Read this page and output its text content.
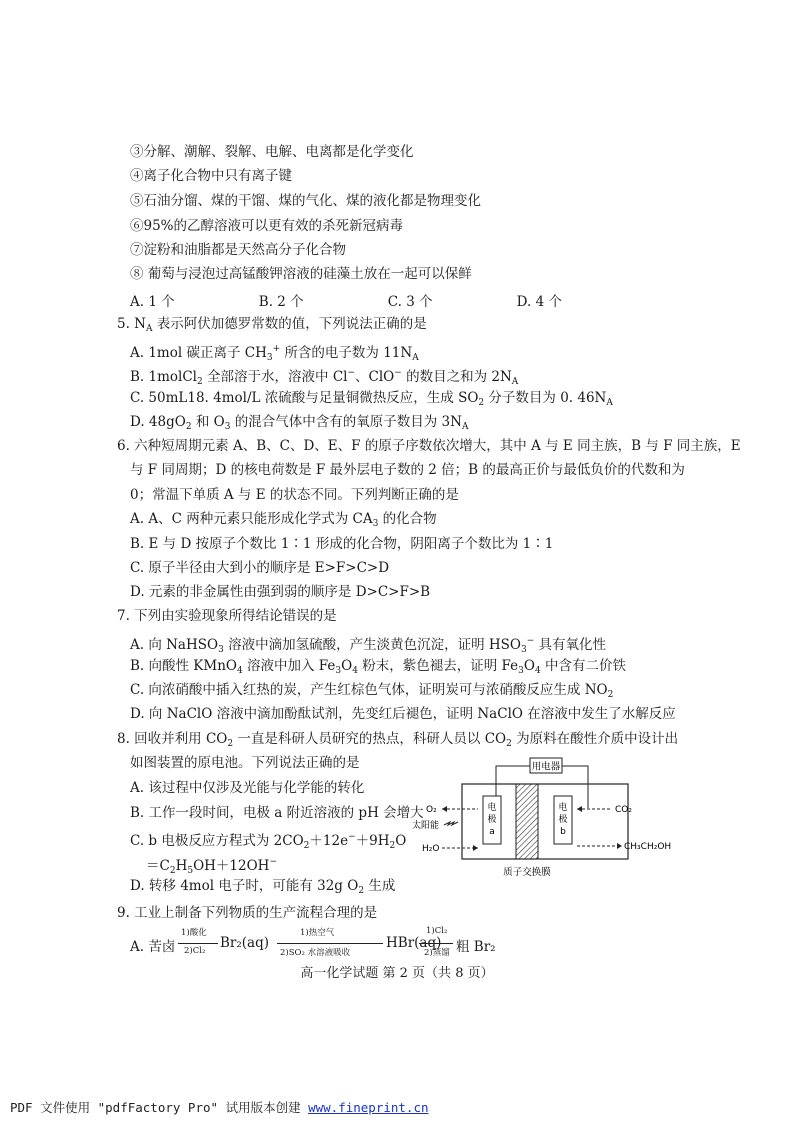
③分解、潮解、裂解、电解、电离都是化学变化
④离子化合物中只有离子键
⑤石油分馏、煤的干馏、煤的气化、煤的液化都是物理变化
⑥95%的乙醇溶液可以更有效的杀死新冠病毒
⑦淀粉和油脂都是天然高分子化合物
⑧ 葡萄与浸泡过高锰酸钾溶液的硅藻土放在一起可以保鲜
A. 1 个	B. 2 个	C. 3 个	D. 4 个
5. $N_A$ 表示阿伏加德罗常数的值，下列说法正确的是
A. 1mol 碳正离子 $CH_3^+$ 所含的电子数为 $11N_A$
B. 1molCl$_2$ 全部溶于水，溶液中 Cl−、ClO− 的数目之和为 $2N_A$
C. 50mL18. 4mol/L 浓硫酸与足量铜微热反应，生成 $SO_2$ 分子数目为 0. $46N_A$
D. $48gO_2$ 和 $O_3$ 的混合气体中含有的氧原子数目为 $3N_A$
6. 六种短周期元素 A、B、C、D、E、F 的原子序数依次增大，其中 A 与 E 同主族，B 与 F 同主族，E
与 F 同周期；D 的核电荷数是 F 最外层电子数的 2 倍；B 的最高正价与最低负价的代数和为
0；常温下单质 A 与 E 的状态不同。下列判断正确的是
A. A、C 两种元素只能形成化学式为 $CA_3$ 的化合物
B. E 与 D 按原子个数比 1∶1 形成的化合物，阴阳离子个数比为 1∶1
C. 原子半径由大到小的顺序是 E>F>C>D
D. 元素的非金属性由强到弱的顺序是 D>C>F>B
7. 下列由实验现象所得结论错误的是
A. 向 NaHSO$_3$ 溶液中滴加氢硫酸，产生淡黄色沉淀，证明 $HSO_3^-$ 具有氧化性
B. 向酸性 KMnO$_4$ 溶液中加入 $Fe_3O_4$ 粉末，紫色褪去，证明 $Fe_3O_4$ 中含有二价铁
C. 向浓硝酸中插入红热的炭，产生红棕色气体，证明炭可与浓硝酸反应生成 $NO_2$
D. 向 NaClO 溶液中滴加酚酞试剂，先变红后褪色，证明 NaClO 在溶液中发生了水解反应
8. 回收并利用 $CO_2$ 一直是科研人员研究的热点，科研人员以 $CO_2$ 为原料在酸性介质中设计出
如图装置的原电池。下列说法正确的是
A. 该过程中仅涉及光能与化学能的转化
B. 工作一段时间，电极 a 附近溶液的 pH 会增大
C. b 电极反应方程式为 $2CO_2+12e^-+9H_2O$
$=C_2H_5OH+12OH^-$
D. 转移 4mol 电子时，可能有 32g $O_2$ 生成
用电器
电
极
a
电
极
b
O₂
太阳能
H₂O
CO₂
CH₃CH₂OH
质子交换膜
9. 工业上制备下列物质的生产流程合理的是
A. 苦卤
1)酸化
2)Cl₂ Br₂(aq)
1)热空气
2)SO₂ 水溶液吸收
HBr(aq)
1)Cl₂
2)蒸馏 粗 Br₂
高一化学试题 第 2 页（共 8 页）
PDF 文件使用 "pdfFactory Pro" 试用版本创建 www.fineprint.cn
